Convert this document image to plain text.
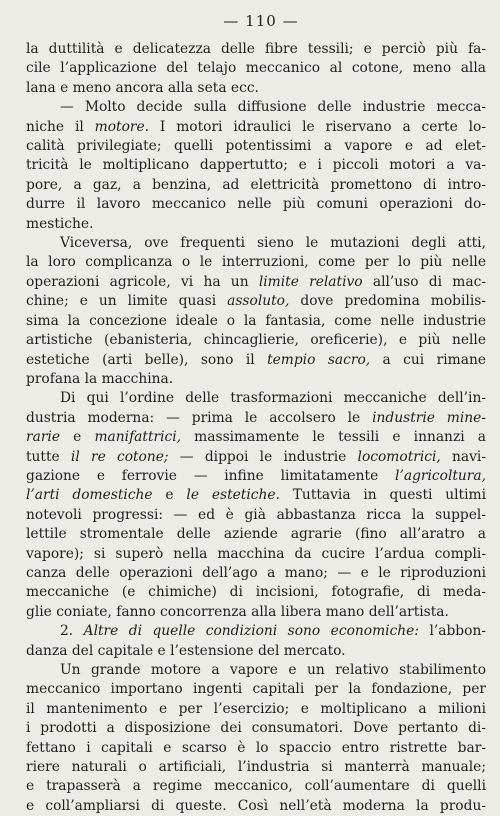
— 110 —
la duttilità e delicatezza delle fibre tessili; e perciò più fa-
cile l’applicazione del telajo meccanico al cotone, meno alla
lana e meno ancora alla seta ecc.
— Molto decide sulla diffusione delle industrie mecca-
niche il motore. I motori idraulici le riservano a certe lo-
calità privilegiate; quelli potentissimi a vapore e ad elet-
tricità le moltiplicano dappertutto; e i piccoli motori a va-
pore, a gaz, a benzina, ad elettricità promettono di intro-
durre il lavoro meccanico nelle più comuni operazioni do-
mestiche.
Viceversa, ove frequenti sieno le mutazioni degli atti,
la loro complicanza o le interruzioni, come per lo più nelle
operazioni agricole, vi ha un limite relativo all’uso di mac-
chine; e un limite quasi assoluto, dove predomina mobilis-
sima la concezione ideale o la fantasia, come nelle industrie
artistiche (ebanisteria, chincaglierie, oreficerie), e più nelle
estetiche (arti belle), sono il tempio sacro, a cui rimane
profana la macchina.
Di qui l’ordine delle trasformazioni meccaniche dell’in-
dustria moderna: — prima le accolsero le industrie mine-
rarie e manifattrici, massimamente le tessili e innanzi a
tutte il re cotone; — dippoi le industrie locomotrici, navi-
gazione e ferrovie — infine limitatamente l’agricoltura,
l’arti domestiche e le estetiche. Tuttavia in questi ultimi
notevoli progressi: — ed è già abbastanza ricca la suppel-
lettile stromentale delle aziende agrarie (fino all’aratro a
vapore); si superò nella macchina da cucire l’ardua compli-
canza delle operazioni dell’ago a mano; — e le riproduzioni
meccaniche (e chimiche) di incisioni, fotografie, di meda-
glie coniate, fanno concorrenza alla libera mano dell’artista.
2. Altre di quelle condizioni sono economiche: l’abbon-
danza del capitale e l’estensione del mercato.
Un grande motore a vapore e un relativo stabilimento
meccanico importano ingenti capitali per la fondazione, per
il mantenimento e per l’esercizio; e moltiplicano a milioni
i prodotti a disposizione dei consumatori. Dove pertanto di-
fettano i capitali e scarso è lo spaccio entro ristrette bar-
riere naturali o artificiali, l’industria si manterrà manuale;
e trapasserà a regime meccanico, coll’aumentare di quelli
e coll’ampliarsi di queste. Così nell’età moderna la produ-
